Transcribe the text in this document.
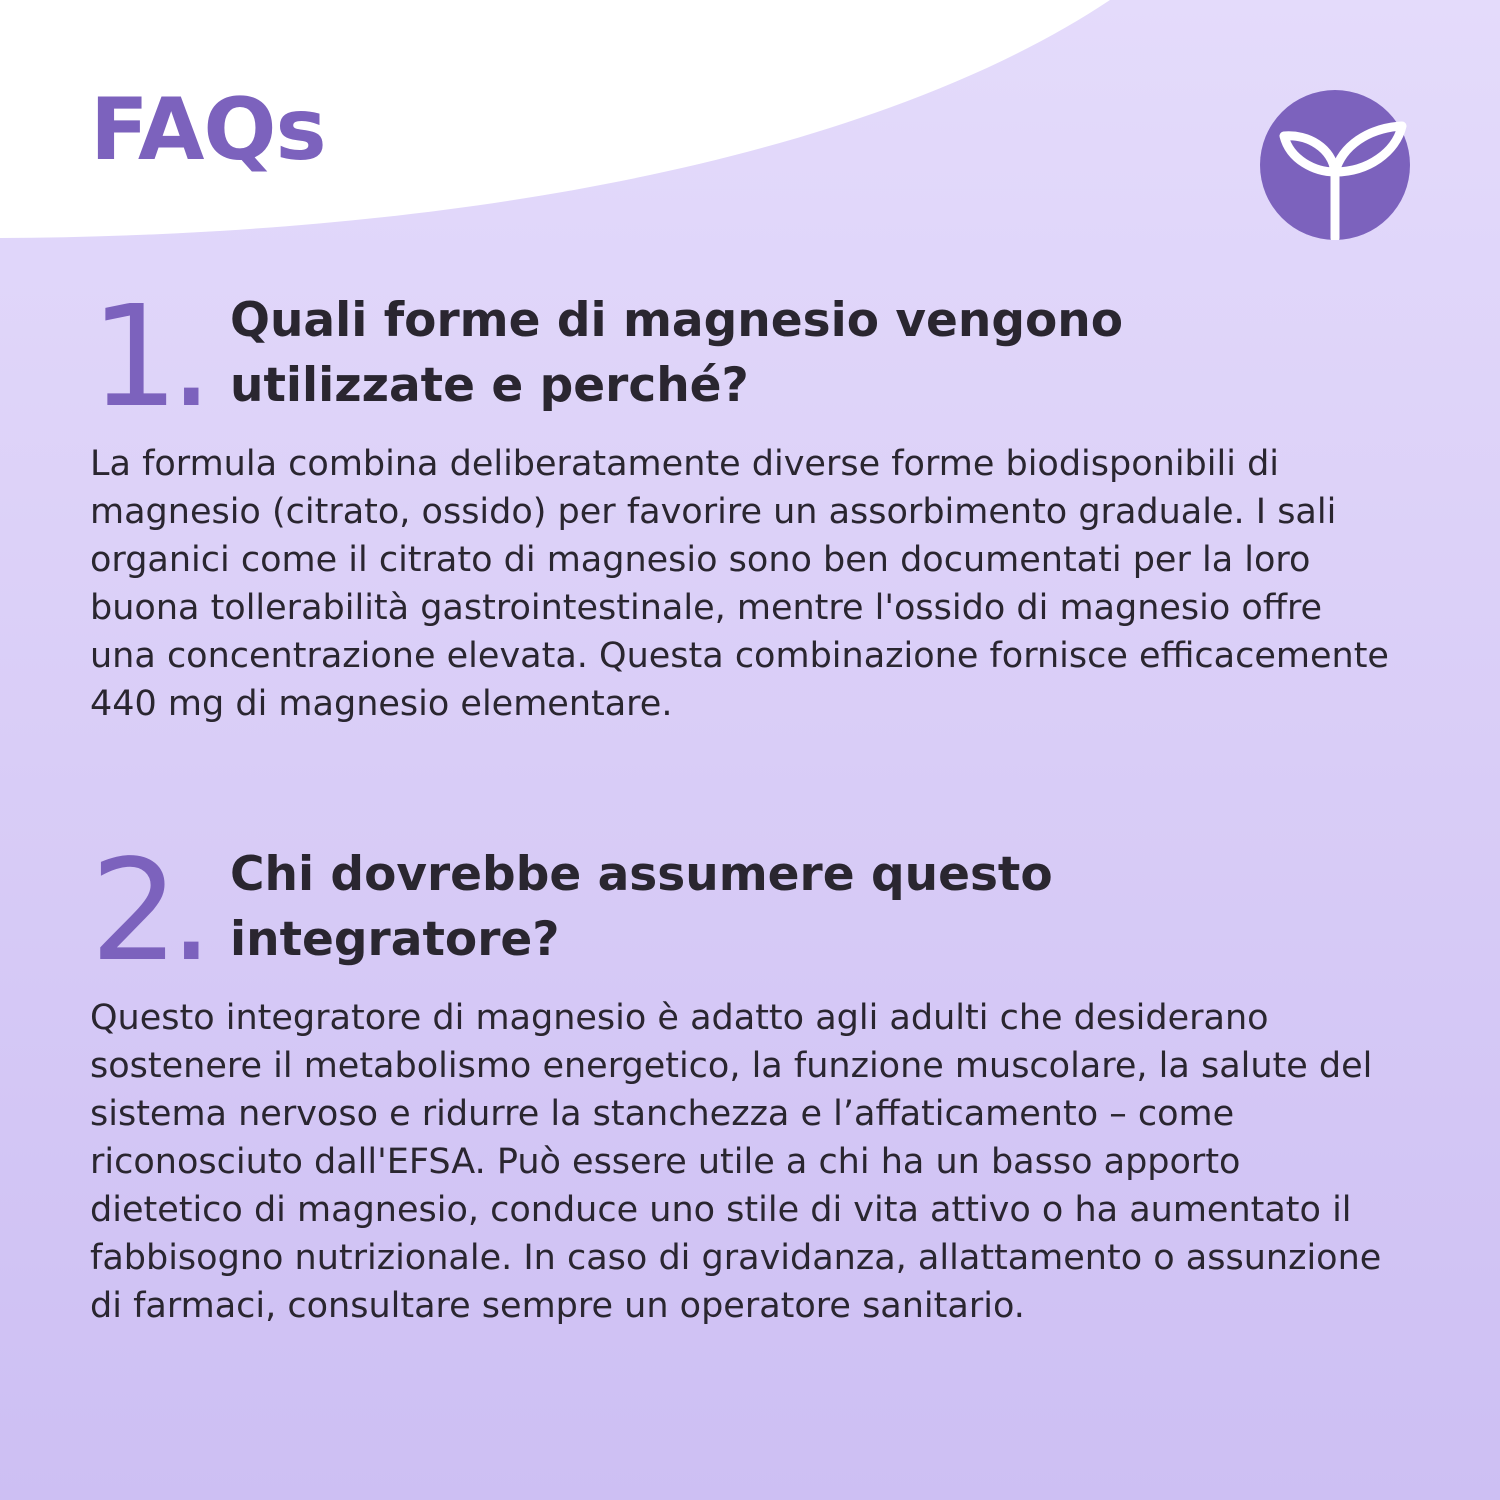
FAQs
1. Quali forme di magnesio vengono utilizzate e perché?

La formula combina deliberatamente diverse forme biodisponibili di magnesio (citrato, ossido) per favorire un assorbimento graduale. I sali organici come il citrato di magnesio sono ben documentati per la loro buona tollerabilità gastrointestinale, mentre l'ossido di magnesio offre una concentrazione elevata. Questa combinazione fornisce efficacemente 440 mg di magnesio elementare.

2. Chi dovrebbe assumere questo integratore?

Questo integratore di magnesio è adatto agli adulti che desiderano sostenere il metabolismo energetico, la funzione muscolare, la salute del sistema nervoso e ridurre la stanchezza e l’affaticamento – come riconosciuto dall'EFSA. Può essere utile a chi ha un basso apporto dietetico di magnesio, conduce uno stile di vita attivo o ha aumentato il fabbisogno nutrizionale. In caso di gravidanza, allattamento o assunzione di farmaci, consultare sempre un operatore sanitario.
